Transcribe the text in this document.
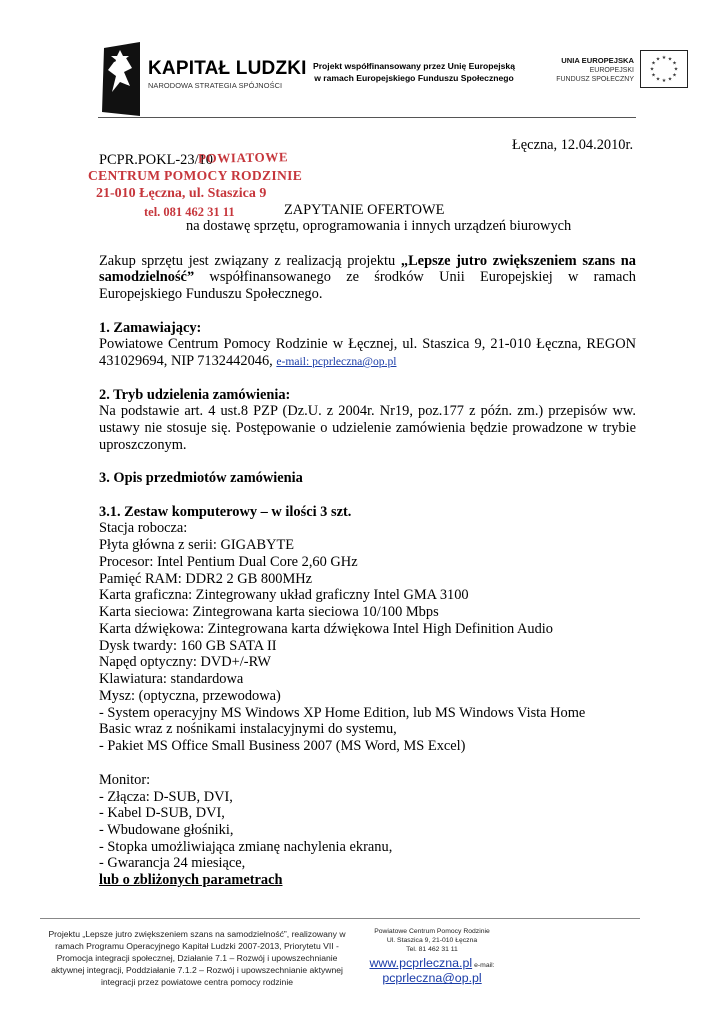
KAPITAŁ LUDZKI
NARODOWA STRATEGIA SPÓJNOŚCI
Projekt współfinansowany przez Unię Europejską
w ramach Europejskiego Funduszu Społecznego
UNIA EUROPEJSKA
EUROPEJSKI
FUNDUSZ SPOŁECZNY
★ ★
★
★
★
★
★
★
★
★
★
★
Łęczna, 12.04.2010r.
PCPR.POKL-23/10
POWIATOWE
CENTRUM POMOCY RODZINIE
21-010 Łęczna, ul. Staszica 9
tel. 081 462 31 11	ZAPYTANIE OFERTOWE
na dostawę sprzętu, oprogramowania i innych urządzeń biurowych
Zakup sprzętu jest związany z realizacją projektu „Lepsze jutro zwiększeniem szans na
samodzielność” współfinansowanego ze środków Unii Europejskiej w ramach
Europejskiego Funduszu Społecznego.
1. Zamawiający:
Powiatowe Centrum Pomocy Rodzinie w Łęcznej, ul. Staszica 9, 21-010 Łęczna, REGON
431029694, NIP 7132442046, e-mail: pcprleczna@op.pl
2. Tryb udzielenia zamówienia:
Na podstawie art. 4 ust.8 PZP (Dz.U. z 2004r. Nr19, poz.177 z późn. zm.) przepisów ww.
ustawy nie stosuje się. Postępowanie o udzielenie zamówienia będzie prowadzone w trybie
uproszczonym.
3. Opis przedmiotów zamówienia
3.1. Zestaw komputerowy – w ilości 3 szt.
Stacja robocza:
Płyta główna z serii: GIGABYTE
Procesor: Intel Pentium Dual Core 2,60 GHz
Pamięć RAM: DDR2 2 GB 800MHz
Karta graficzna: Zintegrowany układ graficzny Intel GMA 3100
Karta sieciowa: Zintegrowana karta sieciowa 10/100 Mbps
Karta dźwiękowa: Zintegrowana karta dźwiękowa Intel High Definition Audio
Dysk twardy: 160 GB SATA II
Napęd optyczny: DVD+/-RW
Klawiatura: standardowa
Mysz: (optyczna, przewodowa)
- System operacyjny MS Windows XP Home Edition, lub MS Windows Vista Home
Basic wraz z nośnikami instalacyjnymi do systemu,
- Pakiet MS Office Small Business 2007 (MS Word, MS Excel)
Monitor:
- Złącza: D-SUB, DVI,
- Kabel D-SUB, DVI,
- Wbudowane głośniki,
- Stopka umożliwiająca zmianę nachylenia ekranu,
- Gwarancja 24 miesiące,
lub o zbliżonych parametrach
Projektu „Lepsze jutro zwiększeniem szans na samodzielność”, realizowany w
ramach Programu Operacyjnego Kapitał Ludzki 2007-2013, Priorytetu VII -
Promocja integracji społecznej, Działanie 7.1 – Rozwój i upowszechnianie
aktywnej integracji, Poddziałanie 7.1.2 – Rozwój i upowszechnianie aktywnej
integracji przez powiatowe centra pomocy rodzinie
Powiatowe Centrum Pomocy Rodzinie
Ul. Staszica 9, 21-010 Łęczna
Tel. 81 462 31 11
www.pcprleczna.pl e-mail:
pcprleczna@op.pl
